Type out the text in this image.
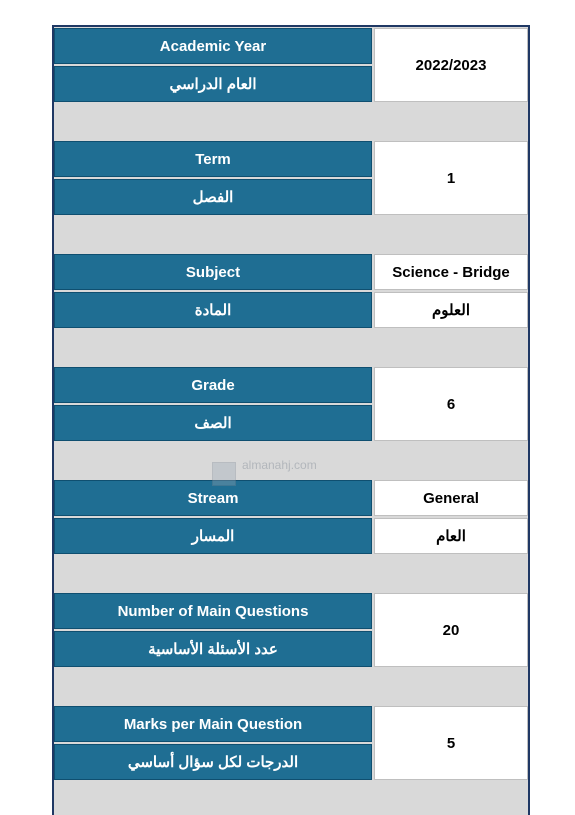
Academic Year
العام الدراسي
2022/2023
Term
الفصل
1
Subject
المادة
Science - Bridge
العلوم
Grade
الصف
6
Stream
المسار
General
العام
Number of Main Questions
عدد الأسئلة الأساسية
20
Marks per Main Question
الدرجات لكل سؤال أساسي
5
almanahj.com
